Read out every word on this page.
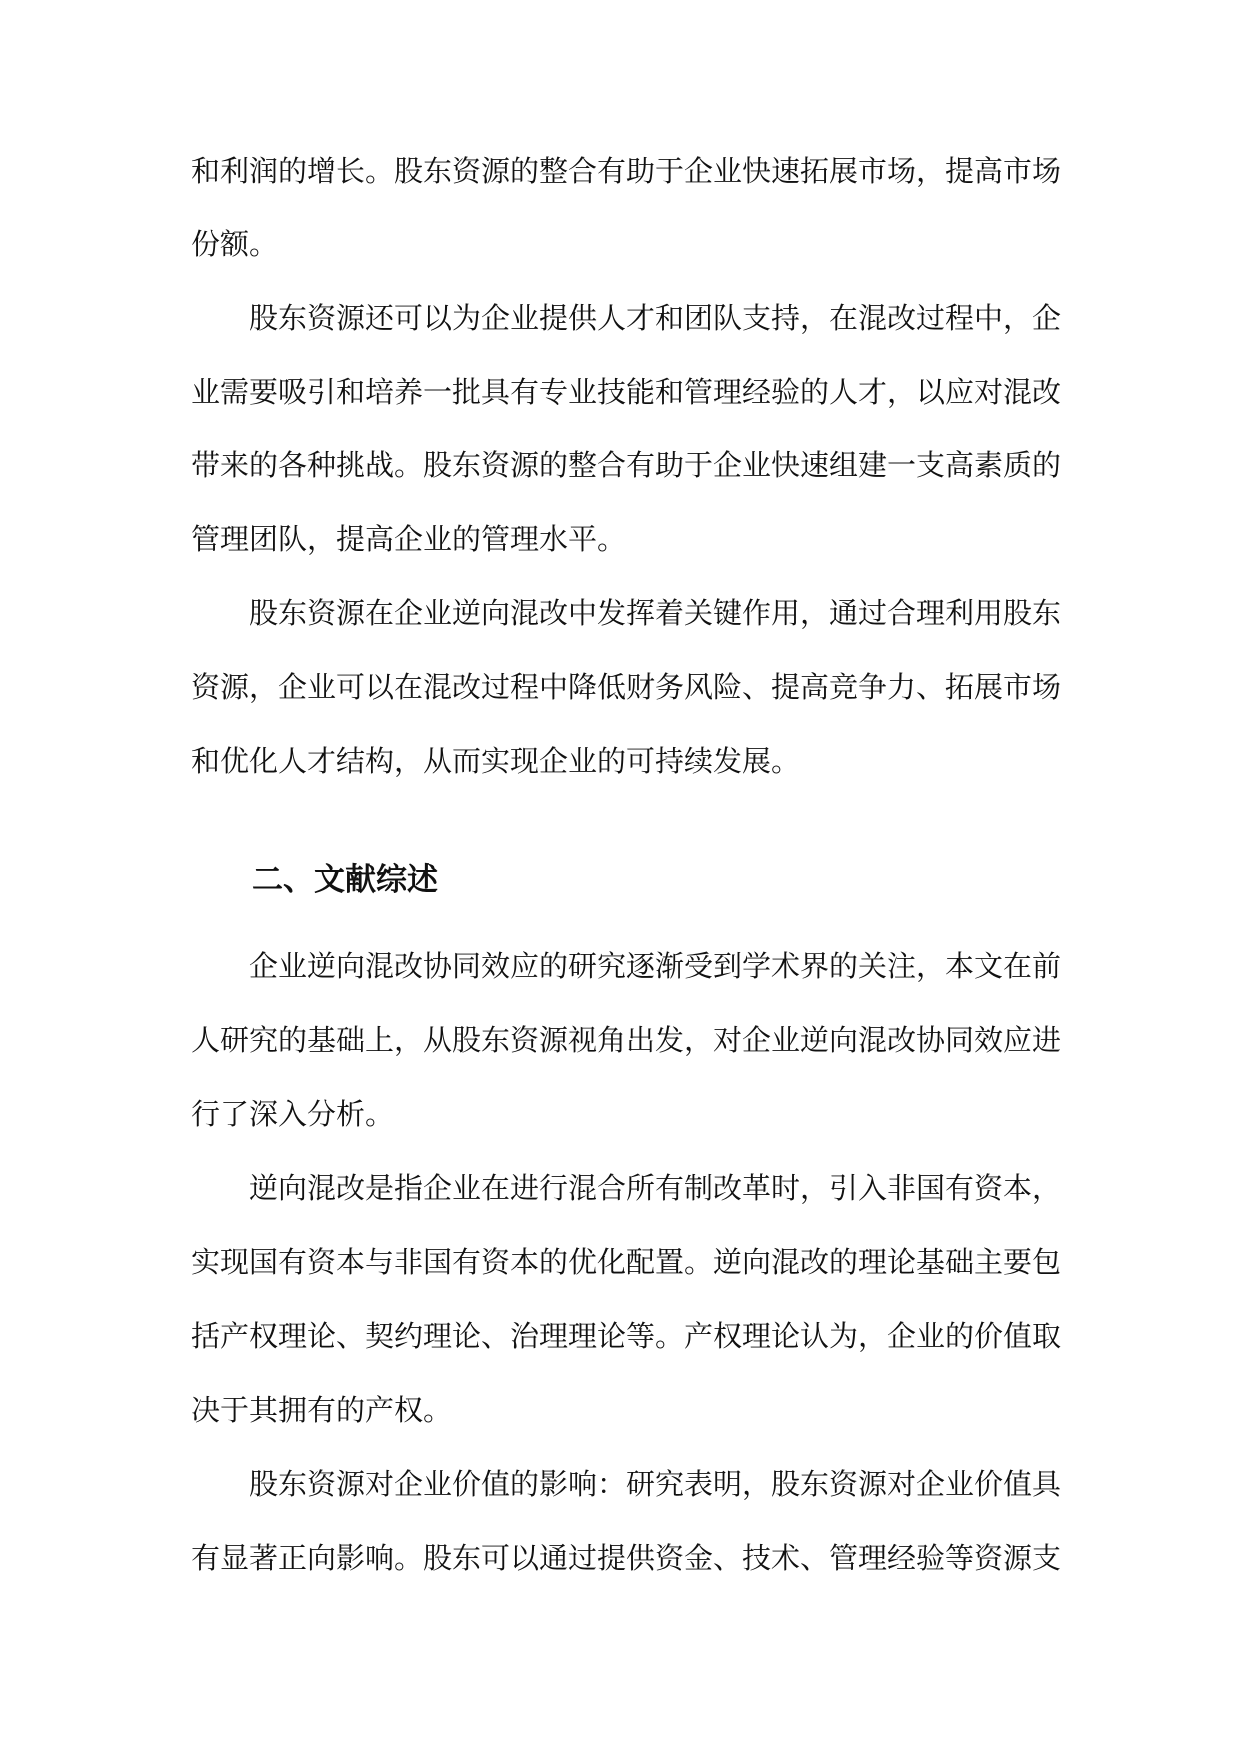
和利润的增长。股东资源的整合有助于企业快速拓展市场，提高市场
份额。
股东资源还可以为企业提供人才和团队支持，在混改过程中，企
业需要吸引和培养一批具有专业技能和管理经验的人才，以应对混改
带来的各种挑战。股东资源的整合有助于企业快速组建一支高素质的
管理团队，提高企业的管理水平。
股东资源在企业逆向混改中发挥着关键作用，通过合理利用股东
资源，企业可以在混改过程中降低财务风险、提高竞争力、拓展市场
和优化人才结构，从而实现企业的可持续发展。
二、文献综述
企业逆向混改协同效应的研究逐渐受到学术界的关注，本文在前
人研究的基础上，从股东资源视角出发，对企业逆向混改协同效应进
行了深入分析。
逆向混改是指企业在进行混合所有制改革时，引入非国有资本，
实现国有资本与非国有资本的优化配置。逆向混改的理论基础主要包
括产权理论、契约理论、治理理论等。产权理论认为，企业的价值取
决于其拥有的产权。
股东资源对企业价值的影响：研究表明，股东资源对企业价值具
有显著正向影响。股东可以通过提供资金、技术、管理经验等资源支
